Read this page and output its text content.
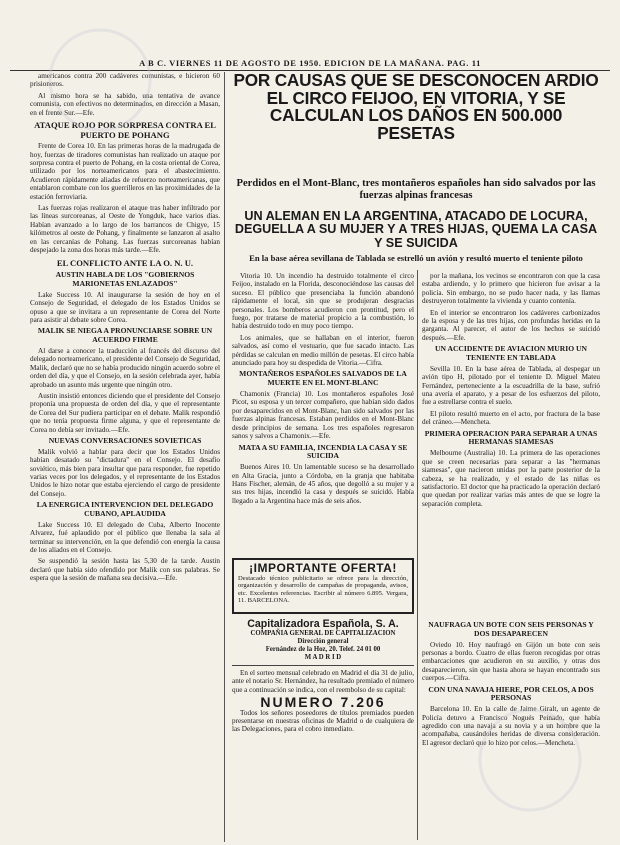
A B C. VIERNES 11 DE AGOSTO DE 1950. EDICION DE LA MAÑANA. PAG. 11

americanos contra 200 cadáveres comunistas, e hicieron 60 prisioneros.

Al mismo hora se ha sabido, una tentativa de avance comunista, con efectivos no determinados, en dirección a Masan, en el frente Sur.—Efe.

ATAQUE ROJO POR SORPRESA CONTRA EL PUERTO DE POHANG

Frente de Corea 10. En las primeras horas de la madrugada de hoy, fuerzas de tiradores comunistas han realizado un ataque por sorpresa contra el puerto de Pohang, en la costa oriental de Corea, utilizado por los norteamericanos para el abastecimiento. Acudieron rápidamente aliadas de refuerzo norteamericanas, que entablaron combate con los guerrilleros en las proximidades de la estación ferroviaria.

Las fuerzas rojas realizaron el ataque tras haber infiltrado por las líneas surcoreanas, al Oeste de Yongduk, hace varios días. Habían avanzado a lo largo de los barrancos de Chigye, 15 kilómetros al oeste de Pohang, y finalmente se lanzaron al asalto en las cercanías de Pohang. Las fuerzas surcoreanas habían despejado la zona dos horas más tarde.—Efe.

EL CONFLICTO ANTE LA O. N. U.
AUSTIN HABLA DE LOS "GOBIERNOS MARIONETAS ENLAZADOS"

Lake Success 10. Al inaugurarse la sesión de hoy en el Consejo de Seguridad, el delegado de los Estados Unidos se opuso a que se invitara a un representante de Corea del Norte para asistir al debate sobre Corea.

MALIK SE NIEGA A PRONUNCIARSE SOBRE UN ACUERDO FIRME

Al darse a conocer la traducción al francés del discurso del delegado norteamericano, el presidente del Consejo de Seguridad, Malik, declaró que no se había producido ningún acuerdo sobre el orden del día, y que el Consejo, en la sesión celebrada ayer, había aprobado un asunto más urgente que ningún otro.

Austin insistió entonces diciendo que el presidente del Consejo proponía una propuesta de orden del día, y que el representante de Corea del Sur pudiera participar en el debate. Malik respondió que no tenía propuesta firme alguna, y que el representante de Corea no debía ser invitado.—Efe.

NUEVAS CONVERSACIONES SOVIETICAS

Malik volvió a hablar para decir que los Estados Unidos habían desatado su "dictadura" en el Consejo. El desafío soviético, más bien para insultar que para responder, fue repetido varias veces por los delegados, y el representante de los Estados Unidos le hizo notar que estaba ejerciendo el cargo de presidente del Consejo.

LA ENERGICA INTERVENCION DEL DELEGADO CUBANO, APLAUDIDA

Lake Success 10. El delegado de Cuba, Alberto Inocente Alvarez, fué aplaudido por el público que llenaba la sala al terminar su intervención, en la que defendió con energía la causa de los aliados en el Consejo.

Se suspendió la sesión hasta las 5,30 de la tarde. Austin declaró que había sido ofendido por Malik con sus palabras. Se espera que la sesión de mañana sea decisiva.—Efe.

POR CAUSAS QUE SE DESCONOCEN ARDIO EL CIRCO FEIJOO, EN VITORIA, Y SE CALCULAN LOS DAÑOS EN 500.000 PESETAS
Perdidos en el Mont-Blanc, tres montañeros españoles han sido salvados por las fuerzas alpinas francesas
UN ALEMAN EN LA ARGENTINA, ATACADO DE LOCURA, DEGUELLA A SU MUJER Y A TRES HIJAS, QUEMA LA CASA Y SE SUICIDA
En la base aérea sevillana de Tablada se estrelló un avión y resultó muerto el teniente piloto

Vitoria 10. Un incendio ha destruido totalmente el circo Feijoo, instalado en la Florida, desconociéndose las causas del suceso. El público que presenciaba la función abandonó rápidamente el local, sin que se produjeran desgracias personales. Los bomberos acudieron con prontitud, pero el fuego, por tratarse de material propicio a la combustión, lo había destruido todo en muy poco tiempo.

Los animales, que se hallaban en el interior, fueron salvados, así como el vestuario, que fue sacado intacto. Las pérdidas se calculan en medio millón de pesetas. El circo había anunciado para hoy su despedida de Vitoria.—Cifra.

MONTAÑEROS ESPAÑOLES SALVADOS DE LA MUERTE EN EL MONT-BLANC

Chamonix (Francia) 10. Los montañeros españoles José Picot, su esposa y un tercer compañero, que habían sido dados por desaparecidos en el Mont-Blanc, han sido salvados por las fuerzas alpinas francesas. Estaban perdidos en el Mont-Blanc desde principios de semana. Los tres españoles regresaron sanos y salvos a Chamonix.—Efe.

MATA A SU FAMILIA, INCENDIA LA CASA Y SE SUICIDA

Buenos Aires 10. Un lamentable suceso se ha desarrollado en Alta Gracia, junto a Córdoba, en la granja que habitaba Hans Fischer, alemán, de 45 años, que degolló a su mujer y a sus tres hijas, incendió la casa y después se suicidó. Había llegado a la Argentina hace más de seis años.

¡IMPORTANTE OFERTA!
Destacado técnico publicitario se ofrece para la dirección, organización y desarrollo de campañas de propaganda, avisos, etc. Excelentes referencias. Escribir al número 6.895. Vergara, 11. BARCELONA.
Capitalizadora Española, S. A.
COMPAÑIA GENERAL DE CAPITALIZACION
Dirección general
Fernández de la Hoz, 20. Telef. 24 01 00
M A D R I D

En el sorteo mensual celebrado en Madrid el día 31 de julio, ante el notario Sr. Hernández, ha resultado premiado el número que a continuación se indica, con el reembolso de su capital:

NUMERO 7.206

Todos los señores poseedores de títulos premiados pueden presentarse en nuestras oficinas de Madrid o de cualquiera de las Delegaciones, para el cobro inmediato.

por la mañana, los vecinos se encontraron con que la casa estaba ardiendo, y lo primero que hicieron fue avisar a la policía. Sin embargo, no se pudo hacer nada, y las llamas destruyeron totalmente la vivienda y cuanto contenía.

En el interior se encontraron los cadáveres carbonizados de la esposa y de las tres hijas, con profundas heridas en la garganta. Al parecer, el autor de los hechos se suicidó después.—Efe.

UN ACCIDENTE DE AVIACION MURIO UN TENIENTE EN TABLADA

Sevilla 10. En la base aérea de Tablada, al despegar un avión tipo H, pilotado por el teniente D. Miguel Mateu Fernández, perteneciente a la escuadrilla de la base, sufrió una avería el aparato, y a pesar de los esfuerzos del piloto, fue a estrellarse contra el suelo.

El piloto resultó muerto en el acto, por fractura de la base del cráneo.—Mencheta.

PRIMERA OPERACION PARA SEPARAR A UNAS HERMANAS SIAMESAS

Melbourne (Australia) 10. La primera de las operaciones que se creen necesarias para separar a las "hermanas siamesas", que nacieron unidas por la parte posterior de la cabeza, se ha realizado, y el estado de las niñas es satisfactorio. El doctor que ha practicado la operación declaró que quedan por realizar varias más antes de que se logre la separación completa.

NAUFRAGA UN BOTE CON SEIS PERSONAS Y DOS DESAPARECEN

Oviedo 10. Hoy naufragó en Gijón un bote con seis personas a bordo. Cuatro de ellas fueron recogidas por otras embarcaciones que acudieron en su auxilio, y otras dos desaparecieron, sin que hasta ahora se hayan encontrado sus cuerpos.—Cifra.

CON UNA NAVAJA HIERE, POR CELOS, A DOS PERSONAS

Barcelona 10. En la calle de Jaime Giralt, un agente de Policía detuvo a Francisco Nogués Peinado, que había agredido con una navaja a su novia y a un hombre que la acompañaba, causándoles heridas de diversa consideración. El agresor declaró que lo hizo por celos.—Mencheta.
